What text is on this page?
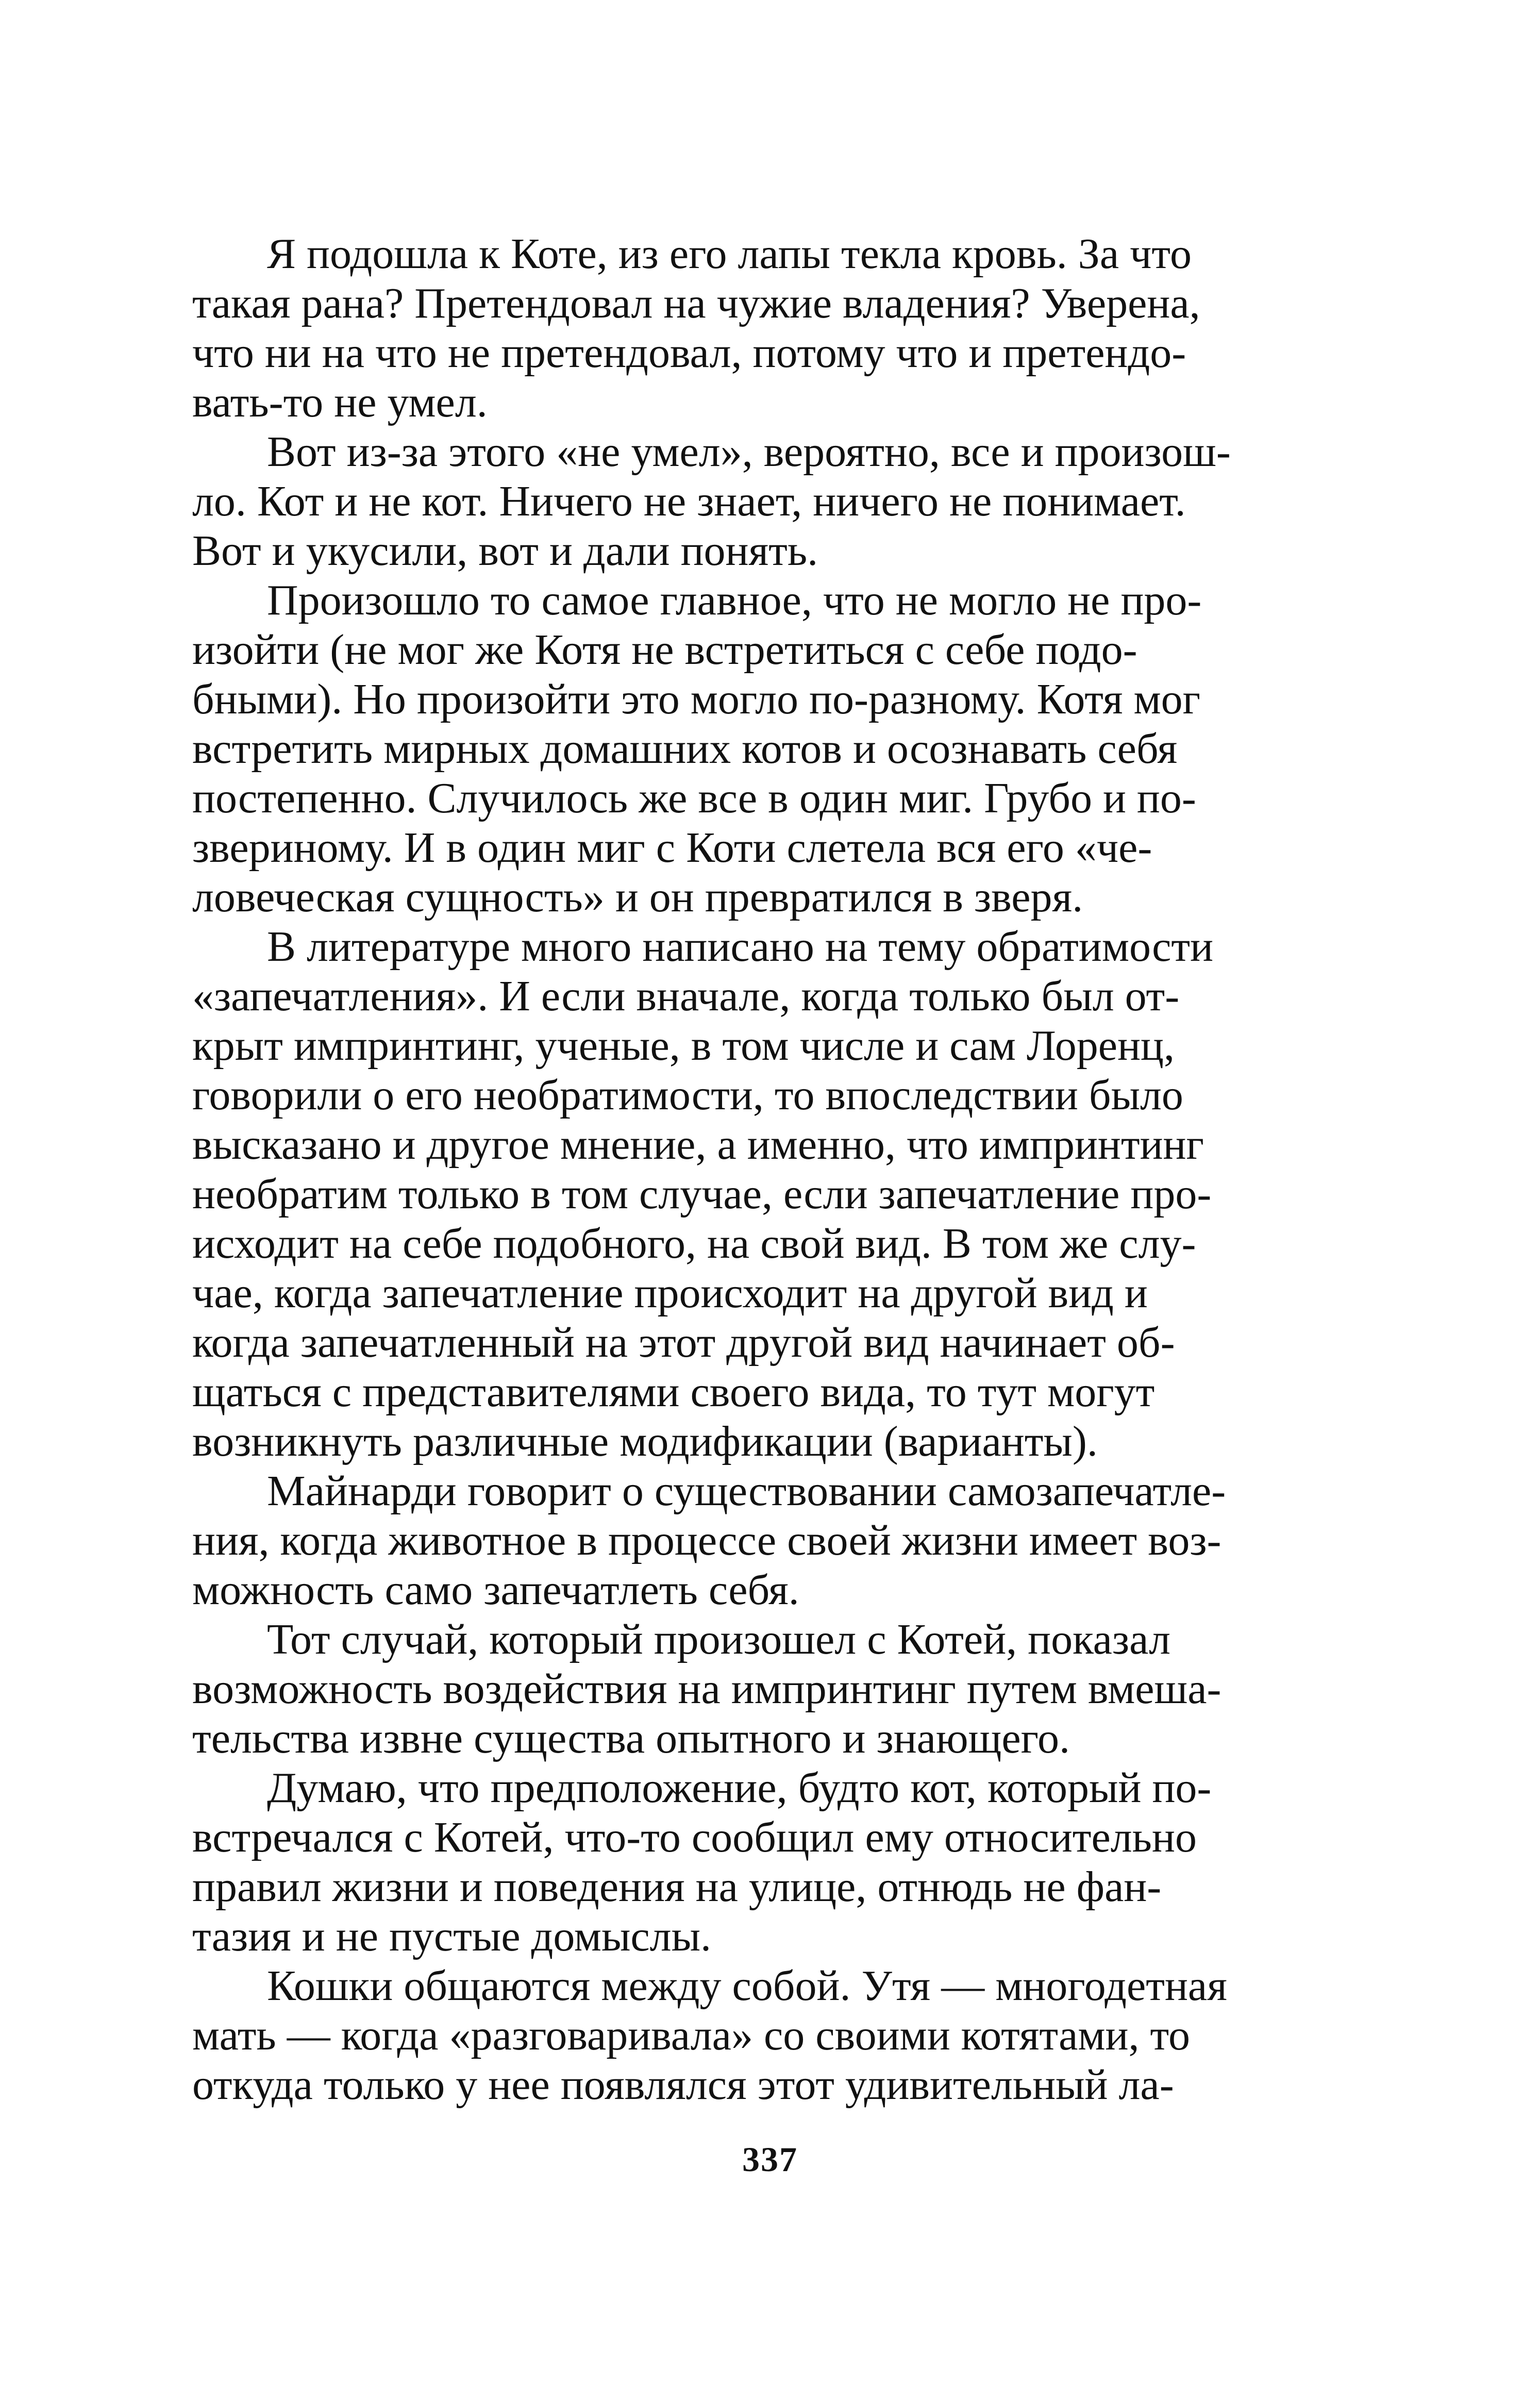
Я подошла к Коте, из его лапы текла кровь. За что
такая рана? Претендовал на чужие владения? Уверена,
что ни на что не претендовал, потому что и претендо-
вать-то не умел.
Вот из-за этого «не умел», вероятно, все и произош-
ло. Кот и не кот. Ничего не знает, ничего не понимает.
Вот и укусили, вот и дали понять.
Произошло то самое главное, что не могло не про-
изойти (не мог же Котя не встретиться с себе подо-
бными). Но произойти это могло по-разному. Котя мог
встретить мирных домашних котов и осознавать себя
постепенно. Случилось же все в один миг. Грубо и по-
звериному. И в один миг с Коти слетела вся его «че-
ловеческая сущность» и он превратился в зверя.
В литературе много написано на тему обратимости
«запечатления». И если вначале, когда только был от-
крыт импринтинг, ученые, в том числе и сам Лоренц,
говорили о его необратимости, то впоследствии было
высказано и другое мнение, а именно, что импринтинг
необратим только в том случае, если запечатление про-
исходит на себе подобного, на свой вид. В том же слу-
чае, когда запечатление происходит на другой вид и
когда запечатленный на этот другой вид начинает об-
щаться с представителями своего вида, то тут могут
возникнуть различные модификации (варианты).
Майнарди говорит о существовании самозапечатле-
ния, когда животное в процессе своей жизни имеет воз-
можность само запечатлеть себя.
Тот случай, который произошел с Котей, показал
возможность воздействия на импринтинг путем вмеша-
тельства извне существа опытного и знающего.
Думаю, что предположение, будто кот, который по-
встречался с Котей, что-то сообщил ему относительно
правил жизни и поведения на улице, отнюдь не фан-
тазия и не пустые домыслы.
Кошки общаются между собой. Утя — многодетная
мать — когда «разговаривала» со своими котятами, то
откуда только у нее появлялся этот удивительный ла-
337
